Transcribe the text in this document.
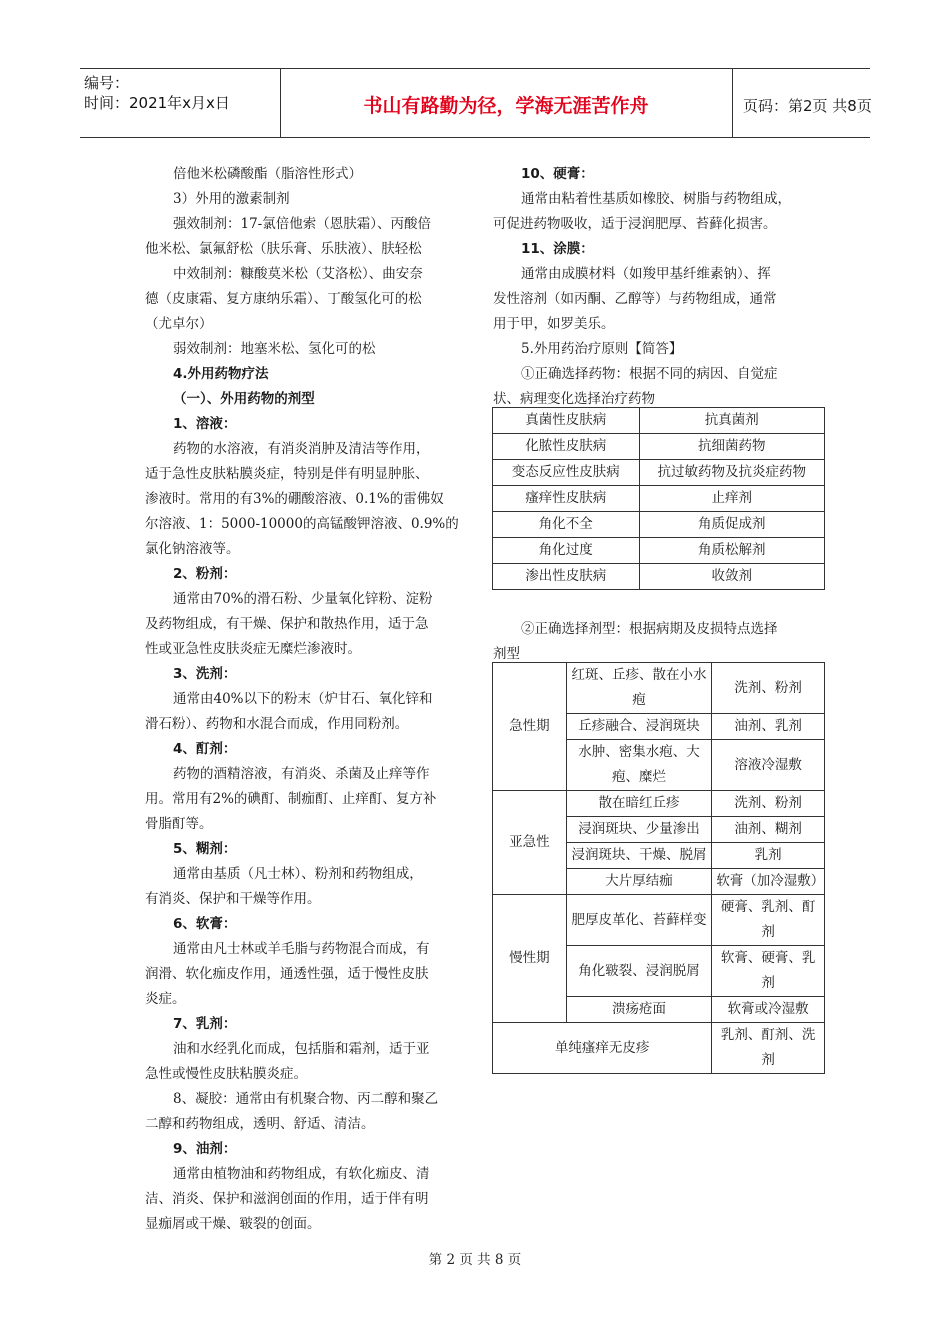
编号：
时间：2021年x月x日	书山有路勤为径，学海无涯苦作舟	页码：第2页 共8页
倍他米松磷酸酯（脂溶性形式）
3）外用的激素制剂
强效制剂：17-氯倍他索（恩肤霜）、丙酸倍
他米松、氯氟舒松（肤乐膏、乐肤液）、肤轻松
中效制剂：糠酸莫米松（艾洛松）、曲安奈
德（皮康霜、复方康纳乐霜）、丁酸氢化可的松
（尤卓尔）
弱效制剂：地塞米松、氢化可的松
4.外用药物疗法
（一）、外用药物的剂型
1、溶液：
药物的水溶液，有消炎消肿及清洁等作用，
适于急性皮肤粘膜炎症，特别是伴有明显肿胀、
渗液时。常用的有3%的硼酸溶液、0.1%的雷佛奴
尔溶液、1：5000-10000的高锰酸钾溶液、0.9%的
氯化钠溶液等。
2、粉剂：
通常由70%的滑石粉、少量氧化锌粉、淀粉
及药物组成，有干燥、保护和散热作用，适于急
性或亚急性皮肤炎症无糜烂渗液时。
3、洗剂：
通常由40%以下的粉末（炉甘石、氧化锌和
滑石粉）、药物和水混合而成，作用同粉剂。
4、酊剂：
药物的酒精溶液，有消炎、杀菌及止痒等作
用。常用有2%的碘酊、制痂酊、止痒酊、复方补
骨脂酊等。
5、糊剂：
通常由基质（凡士林）、粉剂和药物组成，
有消炎、保护和干燥等作用。
6、软膏：
通常由凡士林或羊毛脂与药物混合而成，有
润滑、软化痂皮作用，通透性强，适于慢性皮肤
炎症。
7、乳剂：
油和水经乳化而成，包括脂和霜剂，适于亚
急性或慢性皮肤粘膜炎症。
8、凝胶：通常由有机聚合物、丙二醇和聚乙
二醇和药物组成，透明、舒适、清洁。
9、油剂：
通常由植物油和药物组成，有软化痂皮、清
洁、消炎、保护和滋润创面的作用，适于伴有明
显痂屑或干燥、皲裂的创面。
10、硬膏：
通常由粘着性基质如橡胶、树脂与药物组成，
可促进药物吸收，适于浸润肥厚、苔藓化损害。
11、涂膜：
通常由成膜材料（如羧甲基纤维素钠）、挥
发性溶剂（如丙酮、乙醇等）与药物组成，通常
用于甲，如罗美乐。
5.外用药治疗原则【简答】
①正确选择药物：根据不同的病因、自觉症
状、病理变化选择治疗药物
②正确选择剂型：根据病期及皮损特点选择
剂型
真菌性皮肤病	抗真菌剂
化脓性皮肤病	抗细菌药物
变态反应性皮肤病	抗过敏药物及抗炎症药物
瘙痒性皮肤病	止痒剂
角化不全	角质促成剂
角化过度	角质松解剂
渗出性皮肤病	收敛剂
急性期	红斑、丘疹、散在小水疱	洗剂、粉剂
	丘疹融合、浸润斑块	油剂、乳剂
	水肿、密集水疱、大疱、糜烂	溶液冷湿敷
亚急性	散在暗红丘疹	洗剂、粉剂
	浸润斑块、少量渗出	油剂、糊剂
	浸润斑块、干燥、脱屑	乳剂
	大片厚结痂	软膏（加冷湿敷）
慢性期	肥厚皮革化、苔藓样变	硬膏、乳剂、酊剂
	角化皲裂、浸润脱屑	软膏、硬膏、乳剂
	溃疡疮面	软膏或冷湿敷
单纯瘙痒无皮疹		乳剂、酊剂、洗剂
第 2 页 共 8 页
